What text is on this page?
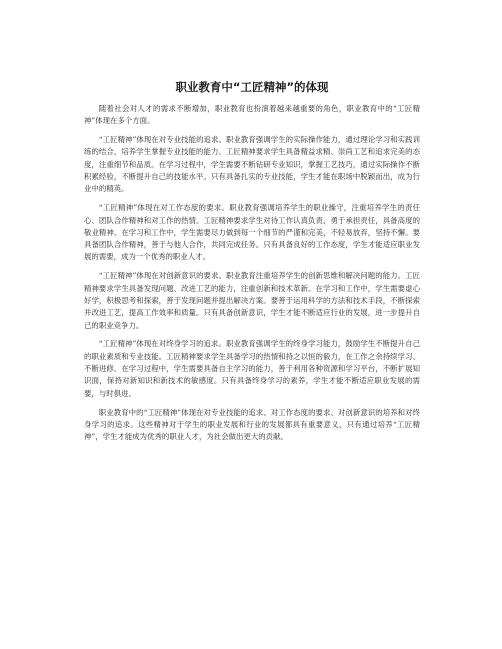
职业教育中“工匠精神”的体现

随着社会对人才的需求不断增加，职业教育也扮演着越来越重要的角色，职业教育中的“工匠精神”体现在多个方面。

“工匠精神”体现在对专业技能的追求。职业教育强调学生的实际操作能力，通过理论学习和实践训练的结合，培养学生掌握专业技能的能力。工匠精神要求学生具备精益求精、崇尚工艺和追求完美的态度，注重细节和品质。在学习过程中，学生需要不断钻研专业知识，掌握工艺技巧，通过实际操作不断积累经验，不断提升自己的技能水平。只有具备扎实的专业技能，学生才能在职场中脱颖而出，成为行业中的精英。

“工匠精神”体现在对工作态度的要求。职业教育强调培养学生的职业操守，注重培养学生的责任心、团队合作精神和对工作的热情。工匠精神要求学生对待工作认真负责、勇于承担责任，具备高度的敬业精神。在学习和工作中，学生需要尽力做到每一个细节的严谨和完美，不轻易放弃，坚持不懈。要具备团队合作精神，善于与他人合作，共同完成任务。只有具备良好的工作态度，学生才能适应职业发展的需要，成为一个优秀的职业人才。

“工匠精神”体现在对创新意识的要求。职业教育注重培养学生的创新思维和解决问题的能力。工匠精神要求学生具备发现问题、改进工艺的能力，注重创新和技术革新。在学习和工作中，学生需要虚心好学，积极思考和探索，善于发现问题并提出解决方案。要善于运用科学的方法和技术手段，不断探索并改进工艺，提高工作效率和质量。只有具备创新意识，学生才能不断适应行业的发展，进一步提升自己的职业竞争力。

“工匠精神”体现在对终身学习的追求。职业教育强调学生的终身学习能力，鼓励学生不断提升自己的职业素质和专业技能。工匠精神要求学生具备学习的热情和持之以恒的毅力，在工作之余持续学习、不断进修。在学习过程中，学生需要具备自主学习的能力，善于利用各种资源和学习平台，不断扩展知识面，保持对新知识和新技术的敏感度。只有具备终身学习的素养，学生才能不断适应职业发展的需要，与时俱进。

职业教育中的“工匠精神”体现在对专业技能的追求、对工作态度的要求、对创新意识的培养和对终身学习的追求。这些精神对于学生的职业发展和行业的发展都具有重要意义，只有通过培养“工匠精神”，学生才能成为优秀的职业人才，为社会做出更大的贡献。
